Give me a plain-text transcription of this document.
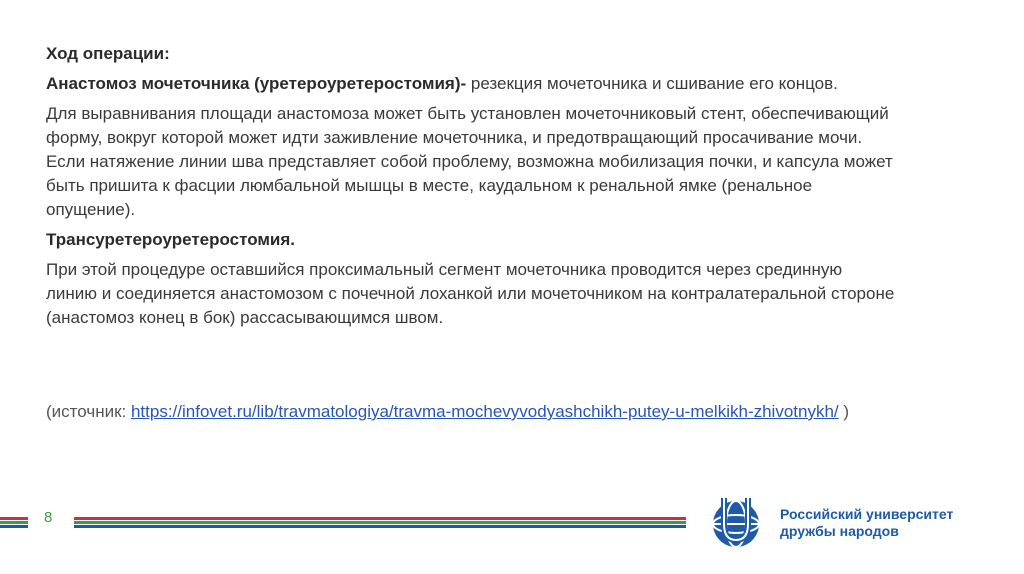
Ход операции:

Анастомоз мочеточника (уретероуретеростомия)- резекция мочеточника и сшивание его концов.

Для выравнивания площади анастомоза может быть установлен мочеточниковый стент, обеспечивающий форму, вокруг которой может идти заживление мочеточника, и предотвращающий просачивание мочи. Если натяжение линии шва представляет собой проблему, возможна мобилизация почки, и капсула может быть пришита к фасции люмбальной мышцы в месте, каудальном к ренальной ямке (ренальное опущение).

Трансуретероуретеростомия.

При этой процедуре оставшийся проксимальный сегмент мочеточника проводится через срединную линию и соединяется анастомозом с почечной лоханкой или мочеточником на контралатеральной стороне (анастомоз конец в бок) рассасывающимся швом.

(источник: https://infovet.ru/lib/travmatologiya/travma-mochevyvodyashchikh-putey-u-melkikh-zhivotnykh/ )
8	Российский университет
дружбы народов
